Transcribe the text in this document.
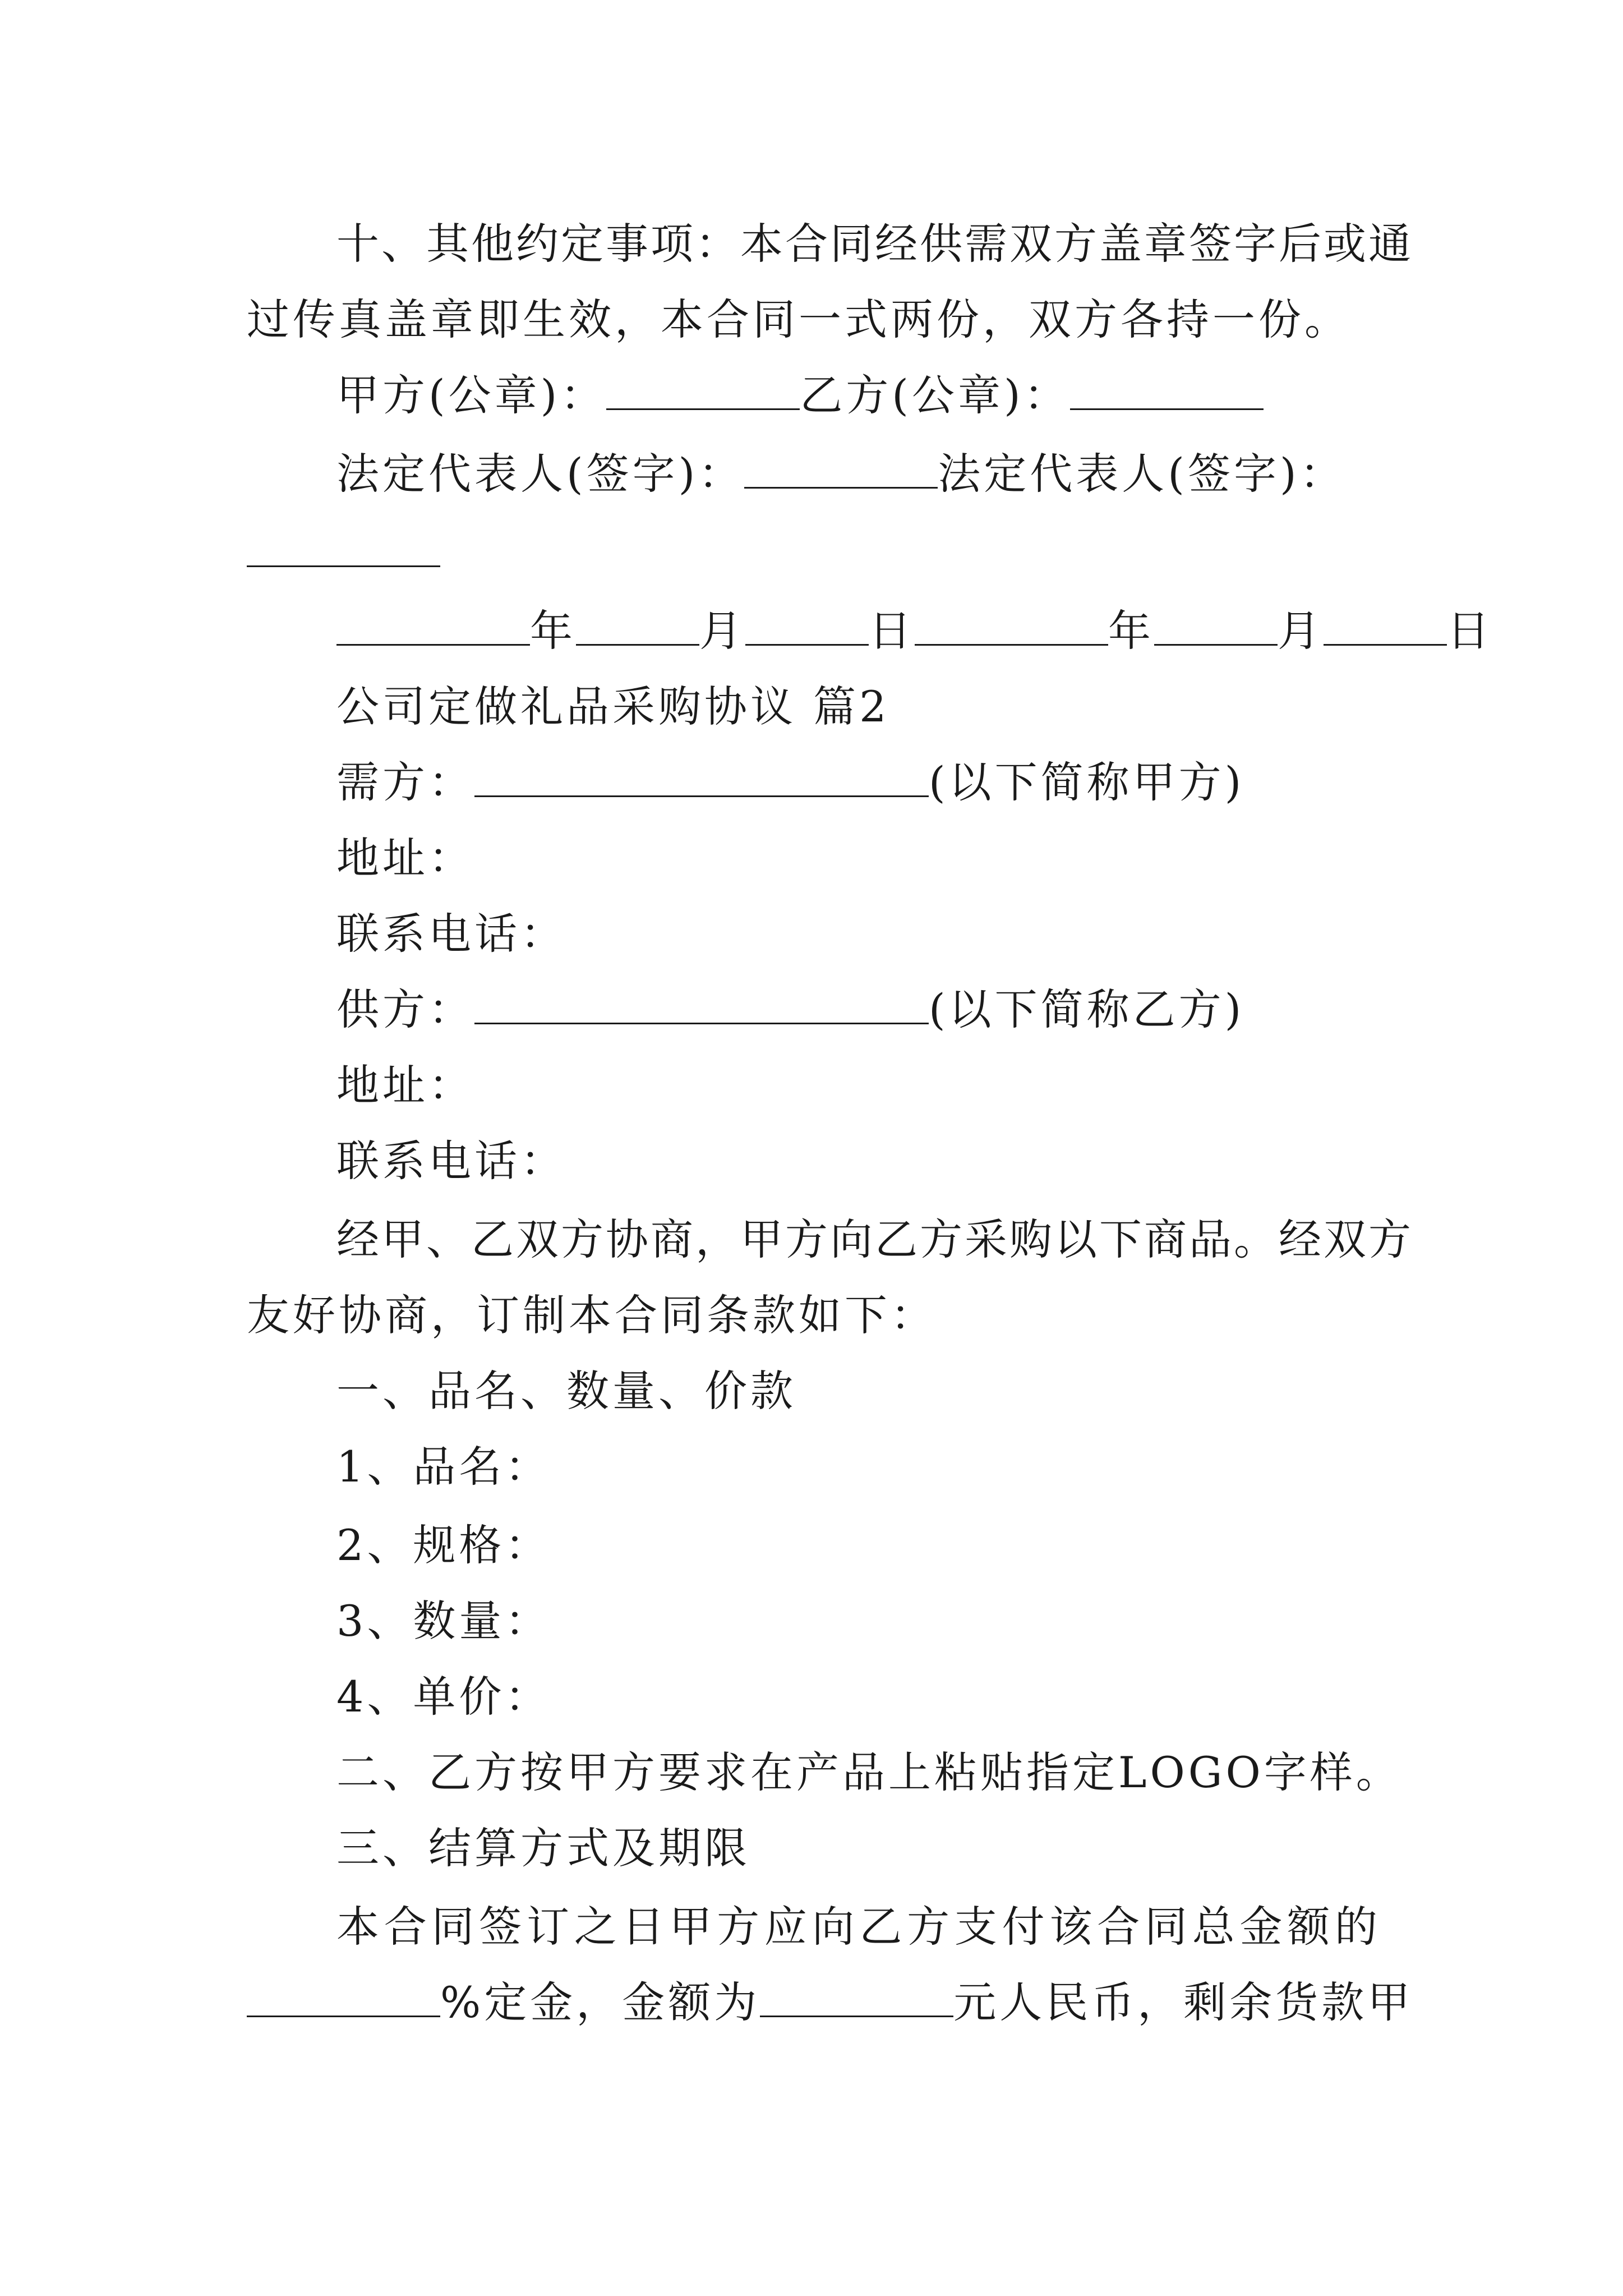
十、其他约定事项：本合同经供需双方盖章签字后或通
过传真盖章即生效，本合同一式两份，双方各持一份。
甲方(公章)：	乙方(公章)：
法定代表人(签字)：	法定代表人(签字)：
年	月	日	年	月	日
公司定做礼品采购协议 篇2
需方：	(以下简称甲方)
地址：
联系电话：
供方：	(以下简称乙方)
地址：
联系电话：
经甲、乙双方协商，甲方向乙方采购以下商品。经双方
友好协商，订制本合同条款如下：
一、品名、数量、价款
1、品名：
2、规格：
3、数量：
4、单价：
二、乙方按甲方要求在产品上粘贴指定LOGO字样。
三、结算方式及期限
本合同签订之日甲方应向乙方支付该合同总金额的
%定金，金额为	元人民币，剩余货款甲
